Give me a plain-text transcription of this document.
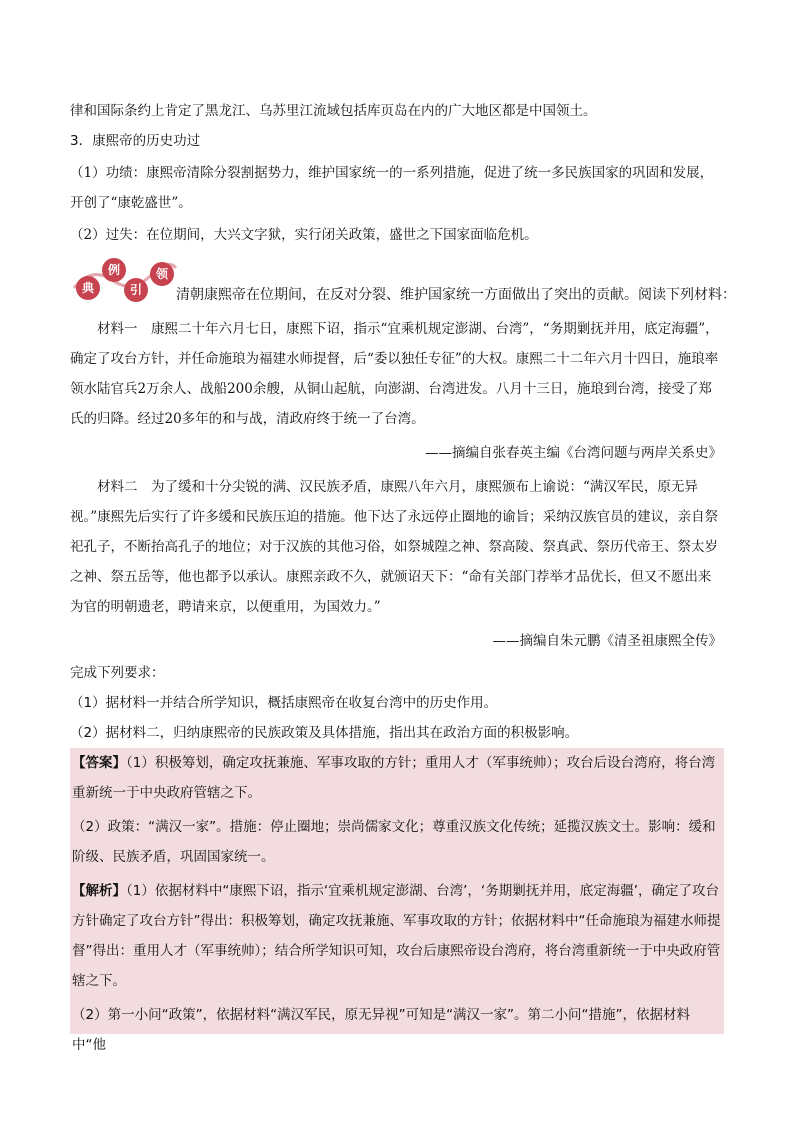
律和国际条约上肯定了黑龙江、乌苏里江流域包括库页岛在内的广大地区都是中国领土。

3．康熙帝的历史功过

（1）功绩：康熙帝清除分裂割据势力，维护国家统一的一系列措施，促进了统一多民族国家的巩固和发展，开创了“康乾盛世”。

（2）过失：在位期间，大兴文字狱，实行闭关政策，盛世之下国家面临危机。

典
例
引
领

清朝康熙帝在位期间，在反对分裂、维护国家统一方面做出了突出的贡献。阅读下列材料：

材料一　康熙二十年六月七日，康熙下诏，指示“宜乘机规定澎湖、台湾”，“务期剿抚并用，底定海疆”，确定了攻台方针，并任命施琅为福建水师提督，后“委以独任专征”的大权。康熙二十二年六月十四日，施琅率领水陆官兵2万余人、战船200余艘，从铜山起航，向澎湖、台湾进发。八月十三日，施琅到台湾，接受了郑氏的归降。经过20多年的和与战，清政府终于统一了台湾。

——摘编自张春英主编《台湾问题与两岸关系史》

材料二　为了缓和十分尖锐的满、汉民族矛盾，康熙八年六月，康熙颁布上谕说：“满汉军民，原无异视。”康熙先后实行了许多缓和民族压迫的措施。他下达了永远停止圈地的谕旨；采纳汉族官员的建议，亲自祭祀孔子，不断抬高孔子的地位；对于汉族的其他习俗，如祭城隍之神、祭高陵、祭真武、祭历代帝王、祭太岁之神、祭五岳等，他也都予以承认。康熙亲政不久，就颁诏天下：“命有关部门荐举才品优长，但又不愿出来为官的明朝遗老，聘请来京，以便重用，为国效力。”

——摘编自朱元鹏《清圣祖康熙全传》

完成下列要求：

（1）据材料一并结合所学知识，概括康熙帝在收复台湾中的历史作用。

（2）据材料二，归纳康熙帝的民族政策及具体措施，指出其在政治方面的积极影响。

【答案】（1）积极筹划，确定攻抚兼施、军事攻取的方针；重用人才（军事统帅）；攻台后设台湾府，将台湾重新统一于中央政府管辖之下。

（2）政策：“满汉一家”。措施：停止圈地；崇尚儒家文化；尊重汉族文化传统；延揽汉族文士。影响：缓和阶级、民族矛盾，巩固国家统一。

【解析】（1）依据材料中“康熙下诏，指示‘宜乘机规定澎湖、台湾’，‘务期剿抚并用，底定海疆’，确定了攻台方针确定了攻台方针”得出：积极筹划，确定攻抚兼施、军事攻取的方针；依据材料中“任命施琅为福建水师提督”得出：重用人才（军事统帅）；结合所学知识可知，攻台后康熙帝设台湾府，将台湾重新统一于中央政府管辖之下。

（2）第一小问“政策”，依据材料“满汉军民，原无异视”可知是“满汉一家”。第二小问“措施”，依据材料中“他
